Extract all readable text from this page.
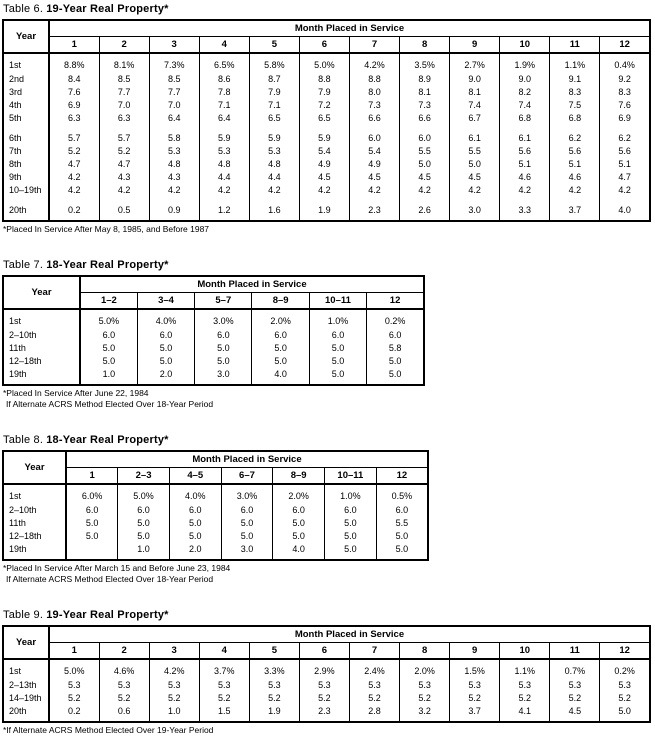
Table 6. 19-Year Real Property*
Year	Month Placed in Service											
	1	2	3	4	5	6	7	8	9	10	11	12
1st	8.8%	8.1%	7.3%	6.5%	5.8%	5.0%	4.2%	3.5%	2.7%	1.9%	1.1%	0.4%
2nd	8.4	8.5	8.5	8.6	8.7	8.8	8.8	8.9	9.0	9.0	9.1	9.2
3rd	7.6	7.7	7.7	7.8	7.9	7.9	8.0	8.1	8.1	8.2	8.3	8.3
4th	6.9	7.0	7.0	7.1	7.1	7.2	7.3	7.3	7.4	7.4	7.5	7.6
5th	6.3	6.3	6.4	6.4	6.5	6.5	6.6	6.6	6.7	6.8	6.8	6.9

6th	5.7	5.7	5.8	5.9	5.9	5.9	6.0	6.0	6.1	6.1	6.2	6.2
7th	5.2	5.2	5.3	5.3	5.3	5.4	5.4	5.5	5.5	5.6	5.6	5.6
8th	4.7	4.7	4.8	4.8	4.8	4.9	4.9	5.0	5.0	5.1	5.1	5.1
9th	4.2	4.3	4.3	4.4	4.4	4.5	4.5	4.5	4.5	4.6	4.6	4.7
10–19th	4.2	4.2	4.2	4.2	4.2	4.2	4.2	4.2	4.2	4.2	4.2	4.2

20th	0.2	0.5	0.9	1.2	1.6	1.9	2.3	2.6	3.0	3.3	3.7	4.0
*Placed In Service After May 8, 1985, and Before 1987
Table 7. 18-Year Real Property*
Year	Month Placed in Service					
	1–2	3–4	5–7	8–9	10–11	12
1st	5.0%	4.0%	3.0%	2.0%	1.0%	0.2%
2–10th	6.0	6.0	6.0	6.0	6.0	6.0
11th	5.0	5.0	5.0	5.0	5.0	5.8
12–18th	5.0	5.0	5.0	5.0	5.0	5.0
19th	1.0	2.0	3.0	4.0	5.0	5.0
*Placed In Service After June 22, 1984
If Alternate ACRS Method Elected Over 18-Year Period
Table 8. 18-Year Real Property*
Year	Month Placed in Service						
	1	2–3	4–5	6–7	8–9	10–11	12
1st	6.0%	5.0%	4.0%	3.0%	2.0%	1.0%	0.5%
2–10th	6.0	6.0	6.0	6.0	6.0	6.0	6.0
11th	5.0	5.0	5.0	5.0	5.0	5.0	5.5
12–18th	5.0	5.0	5.0	5.0	5.0	5.0	5.0
19th		1.0	2.0	3.0	4.0	5.0	5.0
*Placed In Service After March 15 and Before June 23, 1984
If Alternate ACRS Method Elected Over 18-Year Period
Table 9. 19-Year Real Property*
Year	Month Placed in Service											
	1	2	3	4	5	6	7	8	9	10	11	12
1st	5.0%	4.6%	4.2%	3.7%	3.3%	2.9%	2.4%	2.0%	1.5%	1.1%	0.7%	0.2%
2–13th	5.3	5.3	5.3	5.3	5.3	5.3	5.3	5.3	5.3	5.3	5.3	5.3
14–19th	5.2	5.2	5.2	5.2	5.2	5.2	5.2	5.2	5.2	5.2	5.2	5.2
20th	0.2	0.6	1.0	1.5	1.9	2.3	2.8	3.2	3.7	4.1	4.5	5.0
*If Alternate ACRS Method Elected Over 19-Year Period
